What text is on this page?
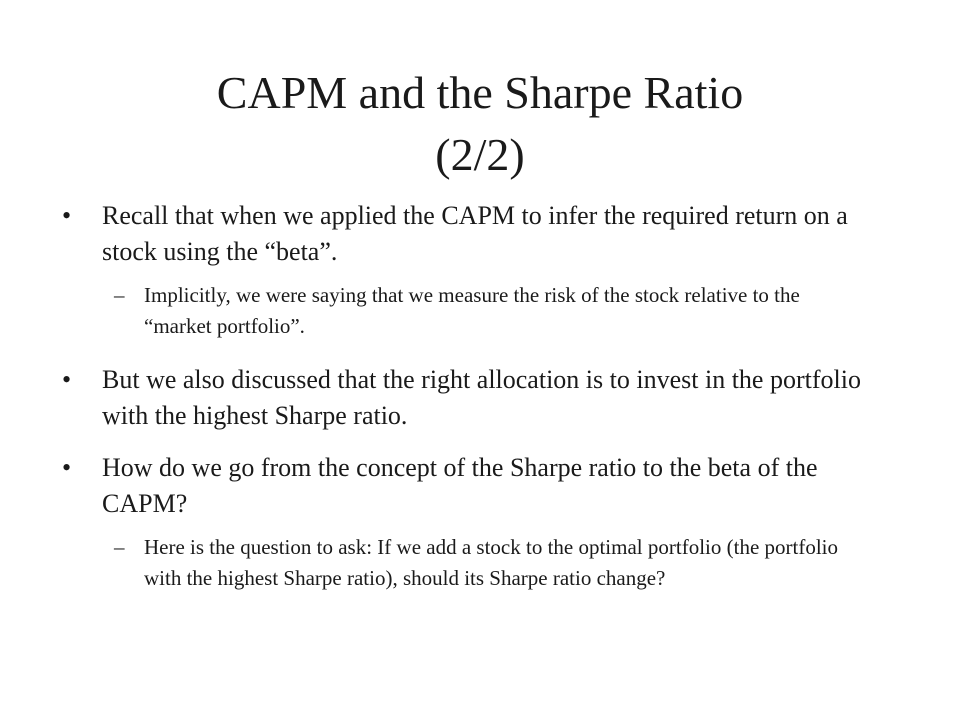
CAPM and the Sharpe Ratio
(2/2)
• Recall that when we applied the CAPM to infer the required return on a stock using the “beta”.
– Implicitly, we were saying that we measure the risk of the stock relative to the “market portfolio”.
• But we also discussed that the right allocation is to invest in the portfolio with the highest Sharpe ratio.
• How do we go from the concept of the Sharpe ratio to the beta of the CAPM?
– Here is the question to ask: If we add a stock to the optimal portfolio (the portfolio with the highest Sharpe ratio), should its Sharpe ratio change?
